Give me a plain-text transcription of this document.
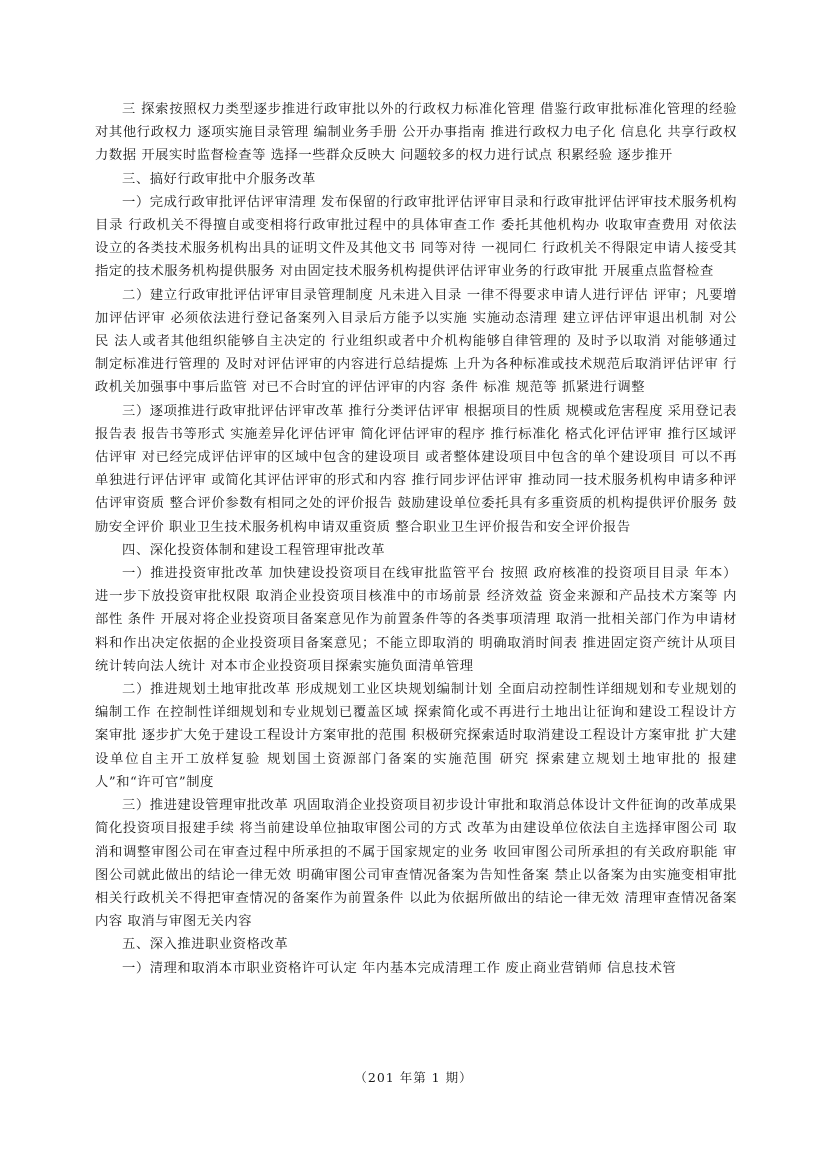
三 探索按照权力类型逐步推进行政审批以外的行政权力标准化管理 借鉴行政审批标准化管理的经验 对其他行政权力 逐项实施目录管理 编制业务手册 公开办事指南 推进行政权力电子化 信息化 共享行政权力数据 开展实时监督检查等 选择一些群众反映大 问题较多的权力进行试点 积累经验 逐步推开

三、搞好行政审批中介服务改革

一）完成行政审批评估评审清理 发布保留的行政审批评估评审目录和行政审批评估评审技术服务机构目录 行政机关不得擅自或变相将行政审批过程中的具体审查工作 委托其他机构办 收取审查费用 对依法设立的各类技术服务机构出具的证明文件及其他文书 同等对待 一视同仁 行政机关不得限定申请人接受其指定的技术服务机构提供服务 对由固定技术服务机构提供评估评审业务的行政审批 开展重点监督检查

二）建立行政审批评估评审目录管理制度 凡未进入目录 一律不得要求申请人进行评估 评审；凡要增加评估评审 必须依法进行登记备案列入目录后方能予以实施 实施动态清理 建立评估评审退出机制 对公民 法人或者其他组织能够自主决定的 行业组织或者中介机构能够自律管理的 及时予以取消 对能够通过制定标准进行管理的 及时对评估评审的内容进行总结提炼 上升为各种标准或技术规范后取消评估评审 行政机关加强事中事后监管 对已不合时宜的评估评审的内容 条件 标准 规范等 抓紧进行调整

三）逐项推进行政审批评估评审改革 推行分类评估评审 根据项目的性质 规模或危害程度 采用登记表 报告表 报告书等形式 实施差异化评估评审 简化评估评审的程序 推行标准化 格式化评估评审 推行区域评估评审 对已经完成评估评审的区域中包含的建设项目 或者整体建设项目中包含的单个建设项目 可以不再单独进行评估评审 或简化其评估评审的形式和内容 推行同步评估评审 推动同一技术服务机构申请多种评估评审资质 整合评价参数有相同之处的评价报告 鼓励建设单位委托具有多重资质的机构提供评价服务 鼓励安全评价 职业卫生技术服务机构申请双重资质 整合职业卫生评价报告和安全评价报告

四、深化投资体制和建设工程管理审批改革

一）推进投资审批改革 加快建设投资项目在线审批监管平台 按照 政府核准的投资项目目录 年本） 进一步下放投资审批权限 取消企业投资项目核准中的市场前景 经济效益 资金来源和产品技术方案等 内部性 条件 开展对将企业投资项目备案意见作为前置条件等的各类事项清理 取消一批相关部门作为申请材料和作出决定依据的企业投资项目备案意见；不能立即取消的 明确取消时间表 推进固定资产统计从项目统计转向法人统计 对本市企业投资项目探索实施负面清单管理

二）推进规划土地审批改革 形成规划工业区块规划编制计划 全面启动控制性详细规划和专业规划的编制工作 在控制性详细规划和专业规划已覆盖区域 探索简化或不再进行土地出让征询和建设工程设计方案审批 逐步扩大免于建设工程设计方案审批的范围 积极研究探索适时取消建设工程设计方案审批 扩大建设单位自主开工放样复验 规划国土资源部门备案的实施范围 研究 探索建立规划土地审批的 报建人”和“许可官”制度

三）推进建设管理审批改革 巩固取消企业投资项目初步设计审批和取消总体设计文件征询的改革成果 简化投资项目报建手续 将当前建设单位抽取审图公司的方式 改革为由建设单位依法自主选择审图公司 取消和调整审图公司在审查过程中所承担的不属于国家规定的业务 收回审图公司所承担的有关政府职能 审图公司就此做出的结论一律无效 明确审图公司审查情况备案为告知性备案 禁止以备案为由实施变相审批 相关行政机关不得把审查情况的备案作为前置条件 以此为依据所做出的结论一律无效 清理审查情况备案内容 取消与审图无关内容

五、深入推进职业资格改革

一）清理和取消本市职业资格许可认定 年内基本完成清理工作 废止商业营销师 信息技术管

（201 年第 1 期）
